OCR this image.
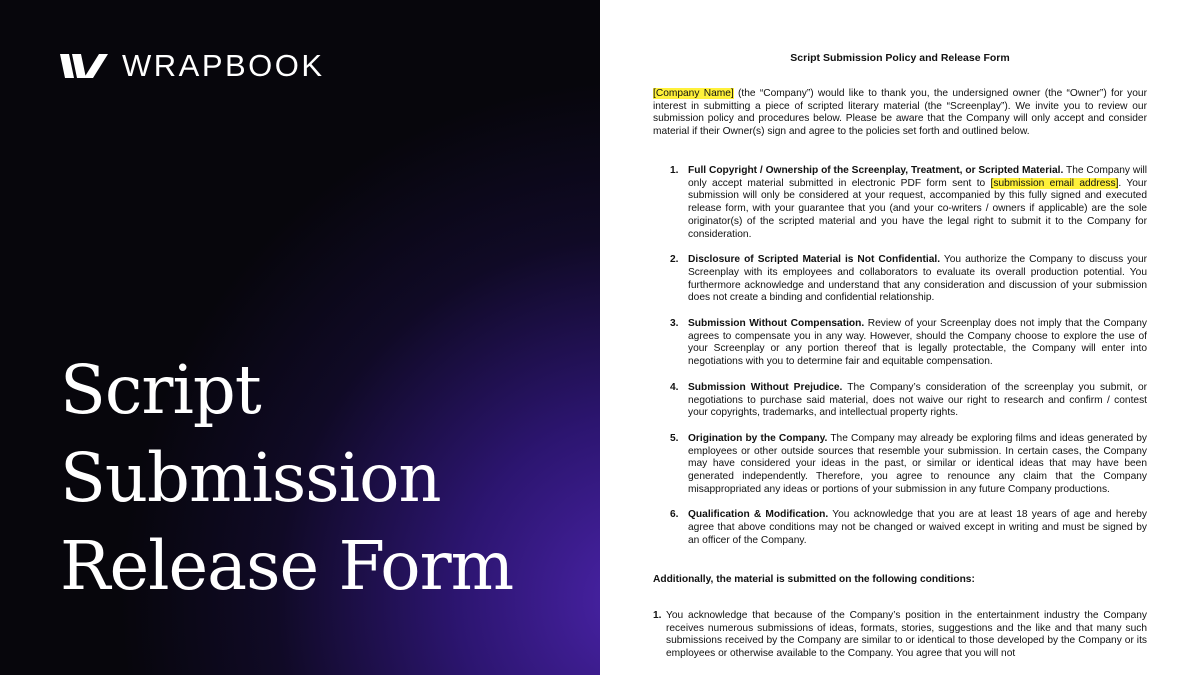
WRAPBOOK
Script
Submission
Release Form
Script Submission Policy and Release Form

[Company Name] (the “Company”) would like to thank you, the undersigned owner (the “Owner”) for your interest in submitting a piece of scripted literary material (the “Screenplay”). We invite you to review our submission policy and procedures below. Please be aware that the Company will only accept and consider material if their Owner(s) sign and agree to the policies set forth and outlined below.

1. Full Copyright / Ownership of the Screenplay, Treatment, or Scripted Material. The Company will only accept material submitted in electronic PDF form sent to [submission email address]. Your submission will only be considered at your request, accompanied by this fully signed and executed release form, with your guarantee that you (and your co-writers / owners if applicable) are the sole originator(s) of the scripted material and you have the legal right to submit it to the Company for consideration.

2. Disclosure of Scripted Material is Not Confidential. You authorize the Company to discuss your Screenplay with its employees and collaborators to evaluate its overall production potential. You furthermore acknowledge and understand that any consideration and discussion of your submission does not create a binding and confidential relationship.

3. Submission Without Compensation. Review of your Screenplay does not imply that the Company agrees to compensate you in any way. However, should the Company choose to explore the use of your Screenplay or any portion thereof that is legally protectable, the Company will enter into negotiations with you to determine fair and equitable compensation.

4. Submission Without Prejudice. The Company’s consideration of the screenplay you submit, or negotiations to purchase said material, does not waive our right to research and confirm / contest your copyrights, trademarks, and intellectual property rights.

5. Origination by the Company. The Company may already be exploring films and ideas generated by employees or other outside sources that resemble your submission. In certain cases, the Company may have considered your ideas in the past, or similar or identical ideas that may have been generated independently. Therefore, you agree to renounce any claim that the Company misappropriated any ideas or portions of your submission in any future Company productions.

6. Qualification & Modification. You acknowledge that you are at least 18 years of age and hereby agree that above conditions may not be changed or waived except in writing and must be signed by an officer of the Company.

Additionally, the material is submitted on the following conditions:
1. You acknowledge that because of the Company’s position in the entertainment industry the Company receives numerous submissions of ideas, formats, stories, suggestions and the like and that many such submissions received by the Company are similar to or identical to those developed by the Company or its employees or otherwise available to the Company. You agree that you will not
